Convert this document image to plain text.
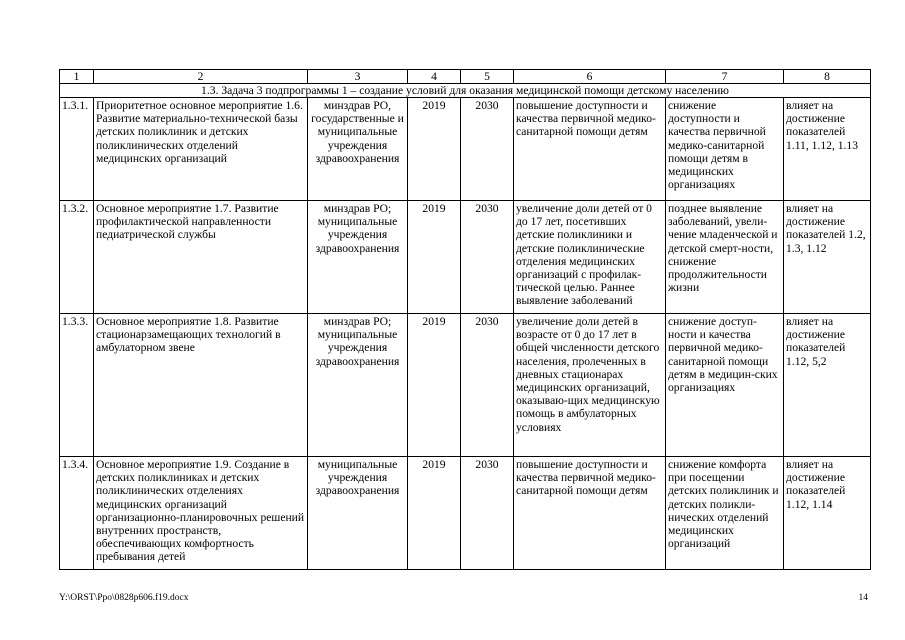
1	2	3	4	5	6	7	8
1.3. Задача 3 подпрограммы 1 – создание условий для оказания медицинской помощи детскому населению							
1.3.1.	Приоритетное основное мероприятие 1.6. Развитие материально-технической базы детских поликлиник и детских поликлинических отделений медицинских организаций	минздрав РО, государственные и муниципальные учреждения здравоохранения	2019	2030	повышение доступности и качества первичной медико-санитарной помощи детям	снижение доступности и качества первичной медико-санитарной помощи детям в медицинских организациях	влияет на достижение показателей 1.11, 1.12, 1.13
1.3.2.	Основное мероприятие 1.7. Развитие профилактической направленности педиатрической службы	минздрав РО; муниципальные учреждения здравоохранения	2019	2030	увеличение доли детей от 0 до 17 лет, посетивших детские поликлиники и детские поликлинические отделения медицинских организаций с профилак-тической целью. Раннее выявление заболеваний	позднее выявление заболеваний, увели-чение младенческой и детской смерт-ности, снижение продолжительности жизни	влияет на достижение показателей 1.2, 1.3, 1.12
1.3.3.	Основное мероприятие 1.8. Развитие стационарзамещающих технологий в амбулаторном звене	минздрав РО; муниципальные учреждения здравоохранения	2019	2030	увеличение доли детей в возрасте от 0 до 17 лет в общей численности детского населения, пролеченных в дневных стационарах медицинских организаций, оказываю-щих медицинскую помощь в амбулаторных условиях	снижение доступ-ности и качества первичной медико-санитарной помощи детям в медицин-ских организациях	влияет на достижение показателей 1.12, 5,2
1.3.4.	Основное мероприятие 1.9. Создание в детских поликлиниках и детских поликлинических отделениях медицинских организаций организационно-планировочных решений внутренних пространств, обеспечивающих комфортность пребывания детей	муниципальные учреждения здравоохранения	2019	2030	повышение доступности и качества первичной медико-санитарной помощи детям	снижение комфорта при посещении детских поликлиник и детских поликли-нических отделений медицинских организаций	влияет на достижение показателей 1.12, 1.14
Y:\ORST\Ppo\0828p606.f19.docx	14
